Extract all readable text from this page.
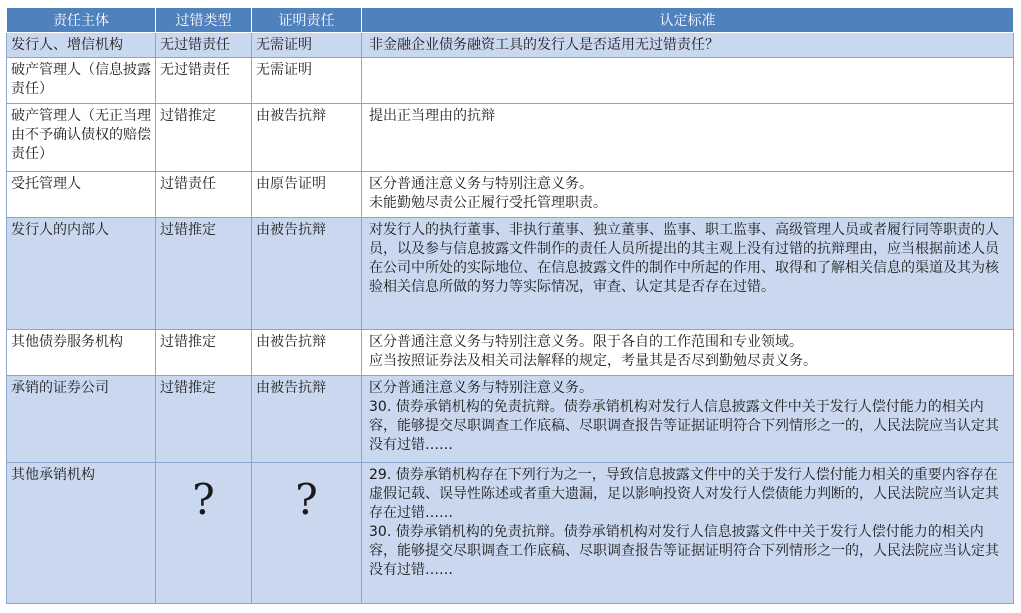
责任主体	过错类型	证明责任	认定标准
发行人、增信机构	无过错责任	无需证明	非金融企业债务融资工具的发行人是否适用无过错责任？

破产管理人（信息披露责任）	无过错责任	无需证明	
破产管理人（无正当理由不予确认债权的赔偿责任）	过错推定	由被告抗辩	提出正当理由的抗辩

受托管理人	过错责任	由原告证明	区分普通注意义务与特别注意义务。
未能勤勉尽责公正履行受托管理职责。

发行人的内部人	过错推定	由被告抗辩	对发行人的执行董事、非执行董事、独立董事、监事、职工监事、高级管理人员或者履行同等职责的人员，以及参与信息披露文件制作的责任人员所提出的其主观上没有过错的抗辩理由，应当根据前述人员在公司中所处的实际地位、在信息披露文件的制作中所起的作用、取得和了解相关信息的渠道及其为核验相关信息所做的努力等实际情况，审查、认定其是否存在过错。

其他债券服务机构	过错推定	由被告抗辩	区分普通注意义务与特别注意义务。限于各自的工作范围和专业领域。
应当按照证券法及相关司法解释的规定，考量其是否尽到勤勉尽责义务。

承销的证券公司	过错推定	由被告抗辩	区分普通注意义务与特别注意义务。
30. 债券承销机构的免责抗辩。债券承销机构对发行人信息披露文件中关于发行人偿付能力的相关内容，能够提交尽职调查工作底稿、尽职调查报告等证据证明符合下列情形之一的，人民法院应当认定其没有过错……

其他承销机构	?	?	29. 债券承销机构存在下列行为之一，导致信息披露文件中的关于发行人偿付能力相关的重要内容存在虚假记载、误导性陈述或者重大遗漏，足以影响投资人对发行人偿债能力判断的，人民法院应当认定其存在过错……
30. 债券承销机构的免责抗辩。债券承销机构对发行人信息披露文件中关于发行人偿付能力的相关内容，能够提交尽职调查工作底稿、尽职调查报告等证据证明符合下列情形之一的，人民法院应当认定其没有过错……
